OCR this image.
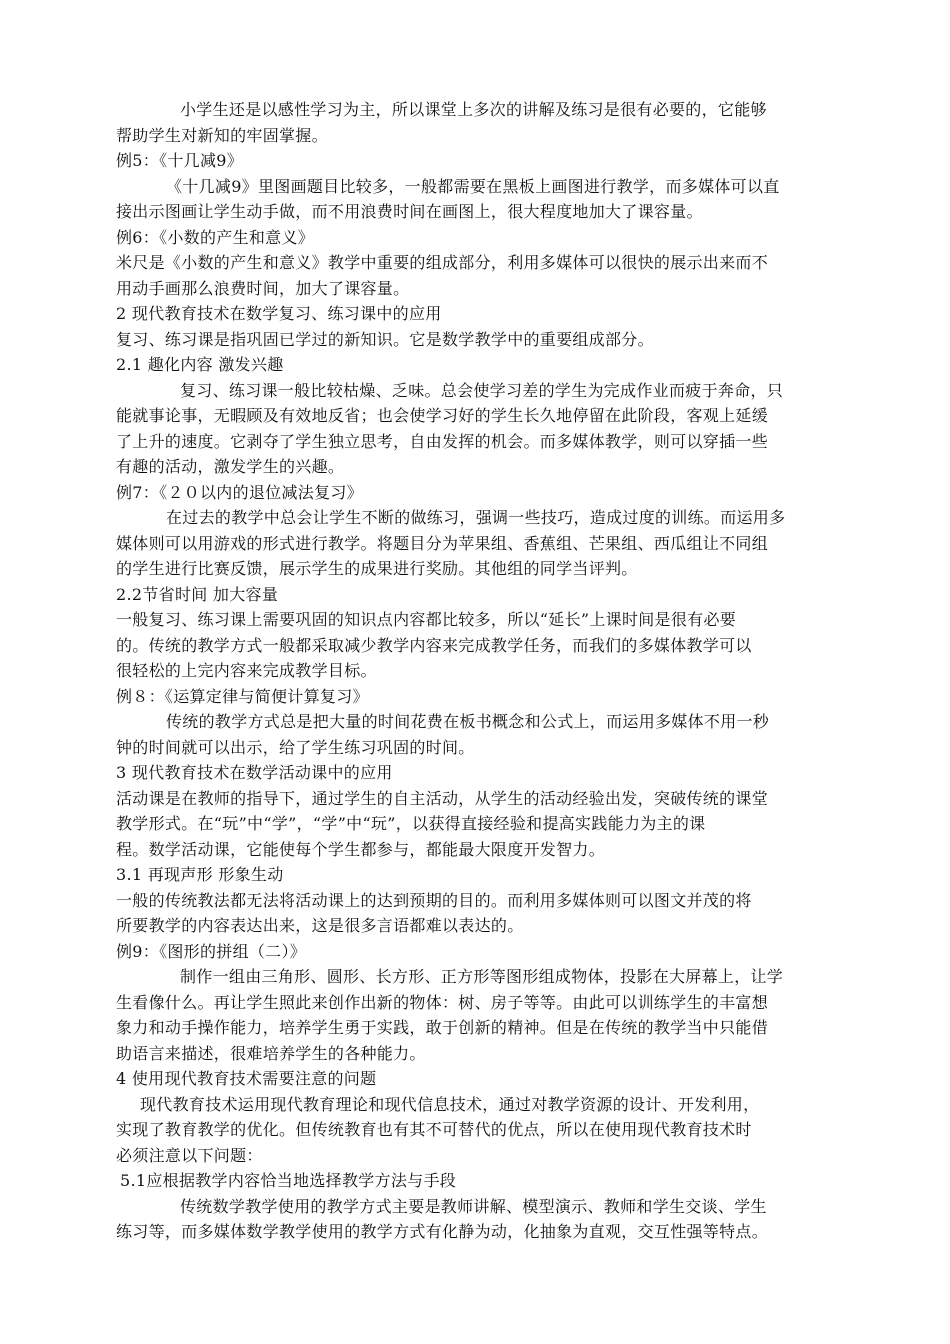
小学生还是以感性学习为主，所以课堂上多次的讲解及练习是很有必要的，它能够
帮助学生对新知的牢固掌握。
例5：《十几减9》
《十几减9》里图画题目比较多，一般都需要在黑板上画图进行教学，而多媒体可以直
接出示图画让学生动手做，而不用浪费时间在画图上，很大程度地加大了课容量。
例6：《小数的产生和意义》
米尺是《小数的产生和意义》教学中重要的组成部分，利用多媒体可以很快的展示出来而不
用动手画那么浪费时间，加大了课容量。
2 现代教育技术在数学复习、练习课中的应用
复习、练习课是指巩固已学过的新知识。它是数学教学中的重要组成部分。
2.1 趣化内容 激发兴趣
复习、练习课一般比较枯燥、乏味。总会使学习差的学生为完成作业而疲于奔命，只
能就事论事，无暇顾及有效地反省；也会使学习好的学生长久地停留在此阶段，客观上延缓
了上升的速度。它剥夺了学生独立思考，自由发挥的机会。而多媒体教学，则可以穿插一些
有趣的活动，激发学生的兴趣。
例7：《２０以内的退位减法复习》
在过去的教学中总会让学生不断的做练习，强调一些技巧，造成过度的训练。而运用多
媒体则可以用游戏的形式进行教学。将题目分为苹果组、香蕉组、芒果组、西瓜组让不同组
的学生进行比赛反馈，展示学生的成果进行奖励。其他组的同学当评判。
2.2节省时间 加大容量
一般复习、练习课上需要巩固的知识点内容都比较多，所以“延长”上课时间是很有必要
的。传统的教学方式一般都采取减少教学内容来完成教学任务，而我们的多媒体教学可以
很轻松的上完内容来完成教学目标。
例８：《运算定律与简便计算复习》
传统的教学方式总是把大量的时间花费在板书概念和公式上，而运用多媒体不用一秒
钟的时间就可以出示，给了学生练习巩固的时间。
3 现代教育技术在数学活动课中的应用
活动课是在教师的指导下，通过学生的自主活动，从学生的活动经验出发，突破传统的课堂
教学形式。在“玩”中“学”，“学”中“玩”，以获得直接经验和提高实践能力为主的课
程。数学活动课，它能使每个学生都参与，都能最大限度开发智力。
3.1 再现声形 形象生动
一般的传统教法都无法将活动课上的达到预期的目的。而利用多媒体则可以图文并茂的将
所要教学的内容表达出来，这是很多言语都难以表达的。
例9：《图形的拼组（二）》
制作一组由三角形、圆形、长方形、正方形等图形组成物体，投影在大屏幕上，让学
生看像什么。再让学生照此来创作出新的物体：树、房子等等。由此可以训练学生的丰富想
象力和动手操作能力，培养学生勇于实践，敢于创新的精神。但是在传统的教学当中只能借
助语言来描述，很难培养学生的各种能力。
4 使用现代教育技术需要注意的问题
现代教育技术运用现代教育理论和现代信息技术，通过对教学资源的设计、开发利用，
实现了教育教学的优化。但传统教育也有其不可替代的优点，所以在使用现代教育技术时
必须注意以下问题：
5.1应根据教学内容恰当地选择教学方法与手段
传统数学教学使用的教学方式主要是教师讲解、模型演示、教师和学生交谈、学生
练习等，而多媒体数学教学使用的教学方式有化静为动，化抽象为直观，交互性强等特点。
